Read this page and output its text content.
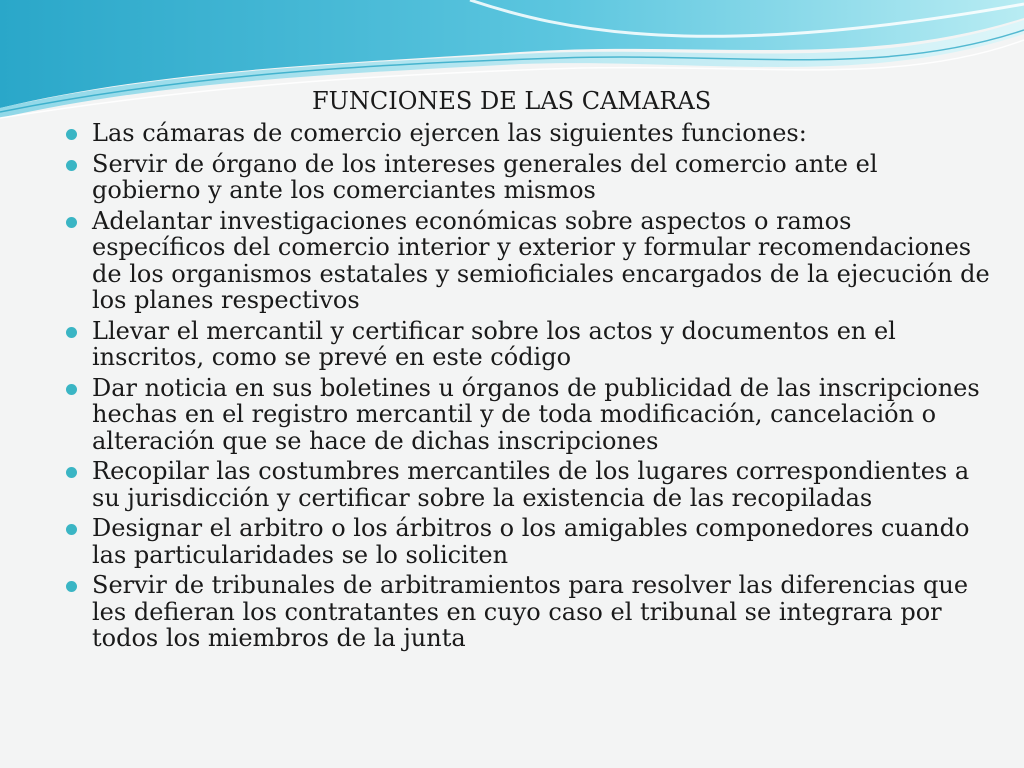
FUNCIONES DE LAS CAMARAS
Las cámaras de comercio ejercen las siguientes funciones:
Servir de órgano de los intereses generales del comercio ante el gobierno y ante los comerciantes mismos
Adelantar investigaciones económicas sobre aspectos o ramos específicos del comercio interior y exterior y formular recomendaciones de los organismos estatales y semioficiales encargados de la ejecución de los planes respectivos
Llevar el mercantil y certificar sobre los actos y documentos en el inscritos, como se prevé en este código
Dar noticia en sus boletines u órganos de publicidad de las inscripciones hechas en el registro mercantil y de toda modificación, cancelación o alteración que se hace de dichas inscripciones
Recopilar las costumbres mercantiles de los lugares correspondientes a su jurisdicción y certificar sobre la existencia de las recopiladas
Designar el arbitro o los árbitros o los amigables componedores cuando las particularidades se lo soliciten
Servir de tribunales de arbitramientos para resolver las diferencias que les defieran los contratantes en cuyo caso el tribunal se integrara por todos los miembros de la junta
